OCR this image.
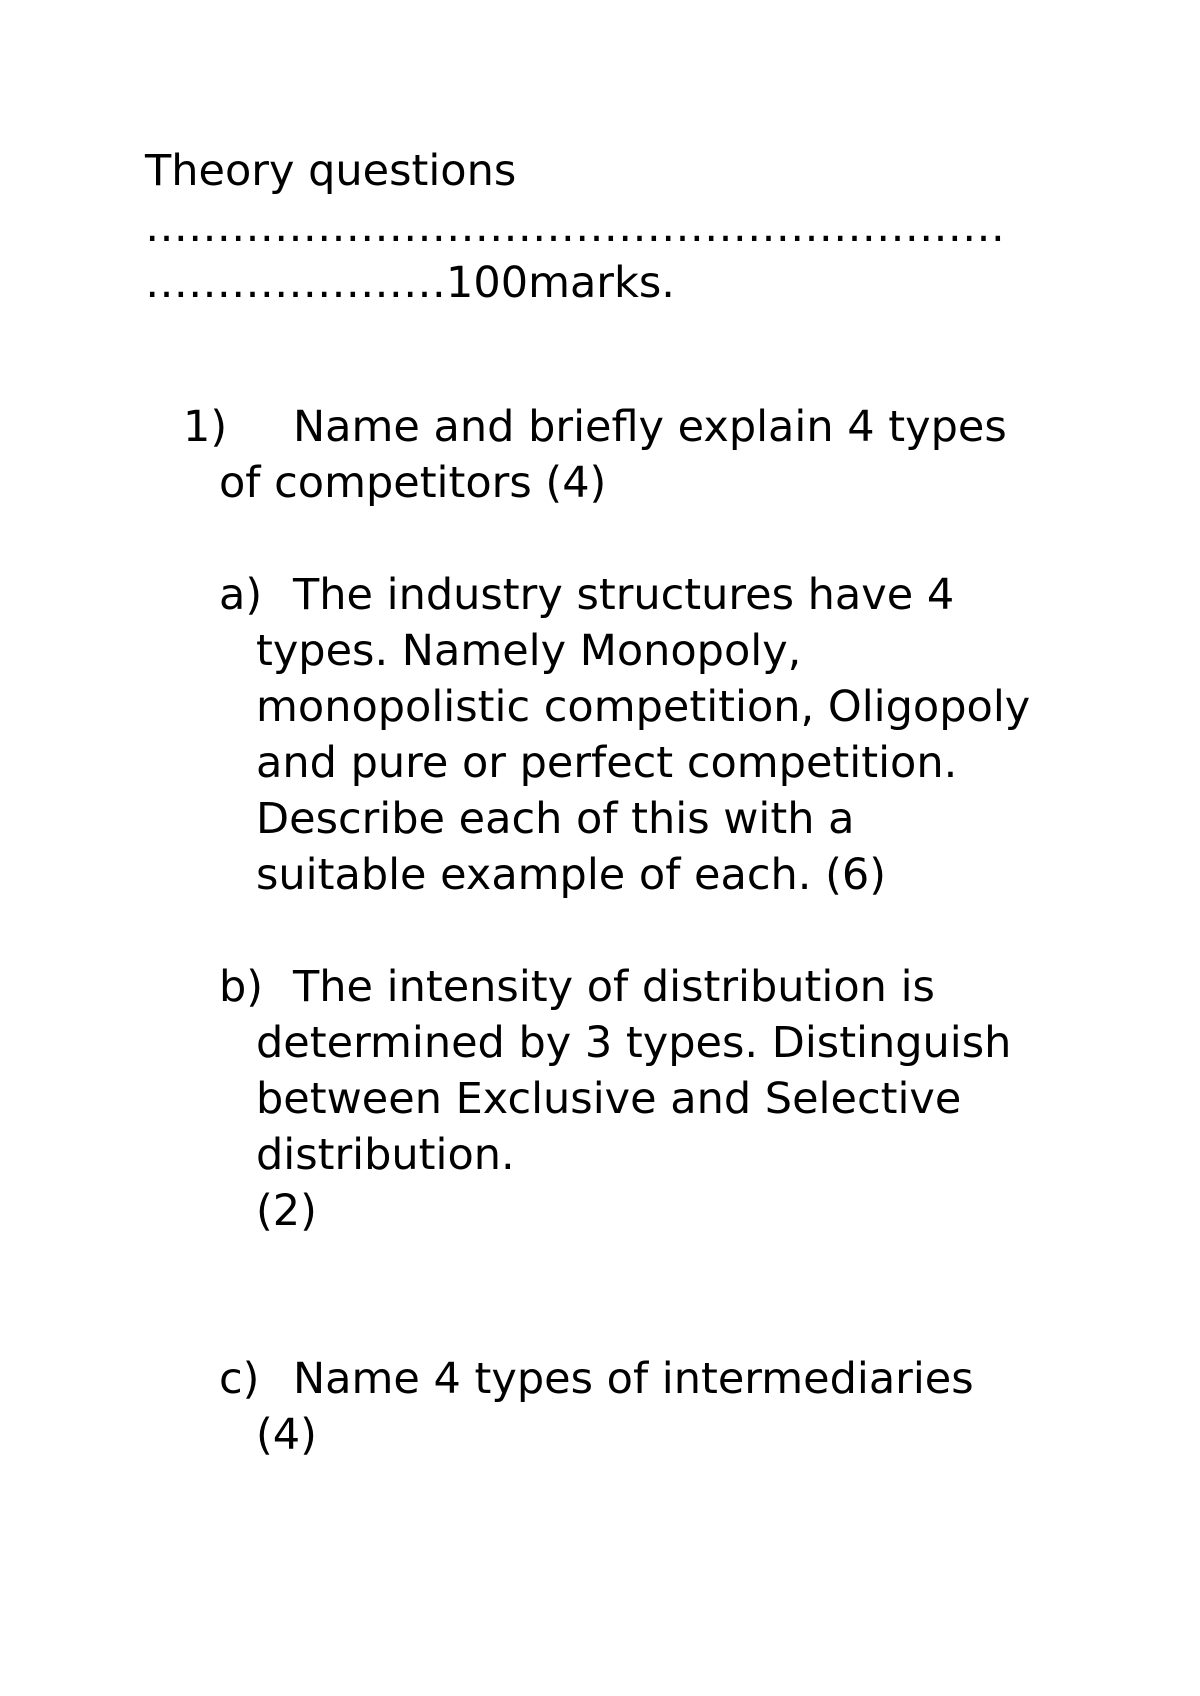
Theory questions

……………………………………………………

…………………100marks.

1) Name and briefly explain 4 types
of competitors (4)
a) The industry structures have 4
types. Namely Monopoly,
monopolistic competition, Oligopoly
and pure or perfect competition.
Describe each of this with a
suitable example of each. (6)
b) The intensity of distribution is
determined by 3 types. Distinguish
between Exclusive and Selective
distribution.
(2)
c) Name 4 types of intermediaries
(4)
